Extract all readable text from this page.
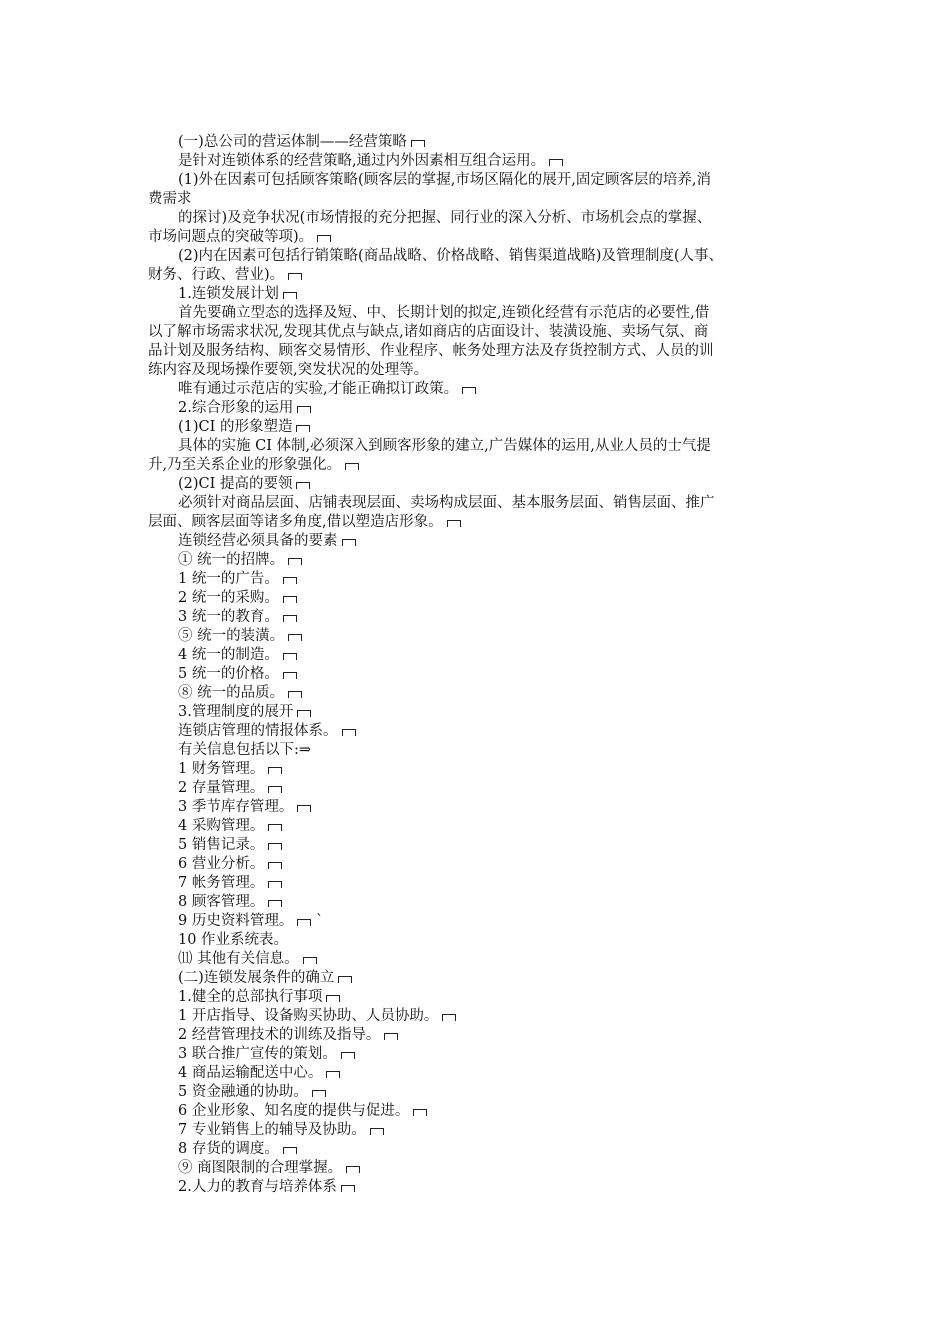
(一)总公司的营运体制——经营策略
是针对连锁体系的经营策略,通过内外因素相互组合运用。
(1)外在因素可包括顾客策略(顾客层的掌握,市场区隔化的展开,固定顾客层的培养,消
费需求
的探讨)及竞争状况(市场情报的充分把握、同行业的深入分析、市场机会点的掌握、
市场问题点的突破等项)。
(2)内在因素可包括行销策略(商品战略、价格战略、销售渠道战略)及管理制度(人事、
财务、行政、营业)。
1.连锁发展计划
首先要确立型态的选择及短、中、长期计划的拟定,连锁化经营有示范店的必要性,借
以了解市场需求状况,发现其优点与缺点,诸如商店的店面设计、装潢设施、卖场气氛、商
品计划及服务结构、顾客交易情形、作业程序、帐务处理方法及存货控制方式、人员的训
练内容及现场操作要领,突发状况的处理等。
唯有通过示范店的实验,才能正确拟订政策。
2.综合形象的运用
(1)CI 的形象塑造
具体的实施 CI 体制,必须深入到顾客形象的建立,广告媒体的运用,从业人员的士气提
升,乃至关系企业的形象强化。
(2)CI 提高的要领
必须针对商品层面、店铺表现层面、卖场构成层面、基本服务层面、销售层面、推广
层面、顾客层面等诸多角度,借以塑造店形象。
连锁经营必须具备的要素
① 统一的招牌。
1 统一的广告。
2 统一的采购。
3 统一的教育。
⑤ 统一的装潢。
4 统一的制造。
5 统一的价格。
⑧ 统一的品质。
3.管理制度的展开
连锁店管理的情报体系。
有关信息包括以下:⇒
1 财务管理。
2 存量管理。
3 季节库存管理。
4 采购管理。
5 销售记录。
6 营业分析。
7 帐务管理。
8 顾客管理。
9 历史资料管理。 ˋ
10 作业系统表。
⑾ 其他有关信息。
(二)连锁发展条件的确立
1.健全的总部执行事项
1 开店指导、设备购买协助、人员协助。
2 经营管理技术的训练及指导。
3 联合推广宣传的策划。
4 商品运输配送中心。
5 资金融通的协助。
6 企业形象、知名度的提供与促进。
7 专业销售上的辅导及协助。
8 存货的调度。
⑨ 商图限制的合理掌握。
2.人力的教育与培养体系
